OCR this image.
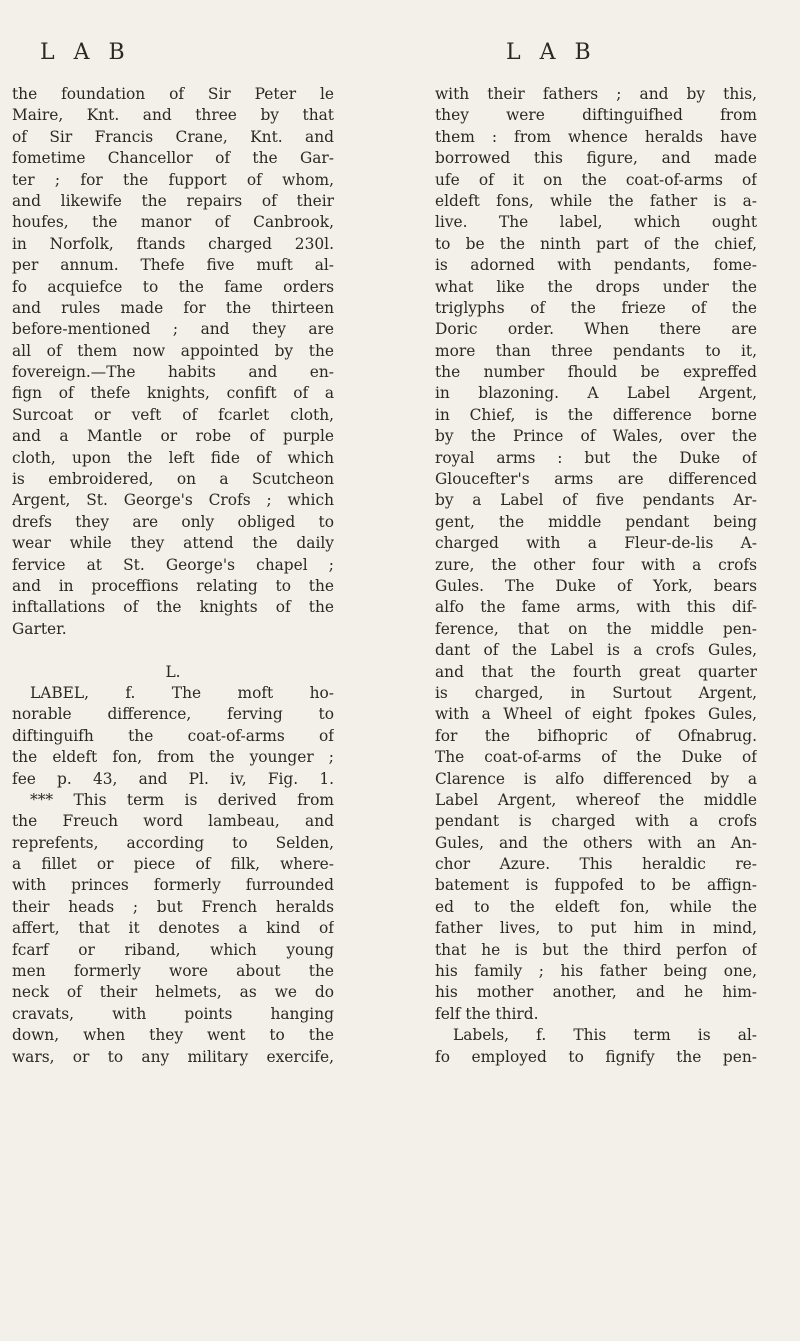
L A B	L A B
the foundation of Sir Peter le
Maire, Knt. and three by that
of Sir Francis Crane, Knt. and
fometime Chancellor of the Gar-
ter ; for the fupport of whom,
and likewife the repairs of their
houfes, the manor of Canbrook,
in Norfolk, ftands charged 230l.
per annum. Thefe five muft al-
fo acquiefce to the fame orders
and rules made for the thirteen
before-mentioned ; and they are
all of them now appointed by the
fovereign.—The habits and en-
fign of thefe knights, confift of a
Surcoat or veft of fcarlet cloth,
and a Mantle or robe of purple
cloth, upon the left fide of which
is embroidered, on a Scutcheon
Argent, St. George's Crofs ; which
drefs they are only obliged to
wear while they attend the daily
fervice at St. George's chapel ;
and in proceffions relating to the
inftallations of the knights of the
Garter.
L.
LABEL, f. The moft ho-
norable difference, ferving to
diftinguifh the coat-of-arms of
the eldeft fon, from the younger ;
fee p. 43, and Pl. iv, Fig. 1.
*** This term is derived from
the Freuch word lambeau, and
reprefents, according to Selden,
a fillet or piece of filk, where-
with princes formerly furrounded
their heads ; but French heralds
affert, that it denotes a kind of
fcarf or riband, which young
men formerly wore about the
neck of their helmets, as we do
cravats, with points hanging
down, when they went to the
wars, or to any military exercife,
with their fathers ; and by this,
they were diftinguifhed from
them : from whence heralds have
borrowed this figure, and made
ufe of it on the coat-of-arms of
eldeft fons, while the father is a-
live. The label, which ought
to be the ninth part of the chief,
is adorned with pendants, fome-
what like the drops under the
triglyphs of the frieze of the
Doric order. When there are
more than three pendants to it,
the number fhould be expreffed
in blazoning. A Label Argent,
in Chief, is the difference borne
by the Prince of Wales, over the
royal arms : but the Duke of
Gloucefter's arms are differenced
by a Label of five pendants Ar-
gent, the middle pendant being
charged with a Fleur-de-lis A-
zure, the other four with a crofs
Gules. The Duke of York, bears
alfo the fame arms, with this dif-
ference, that on the middle pen-
dant of the Label is a crofs Gules,
and that the fourth great quarter
is charged, in Surtout Argent,
with a Wheel of eight fpokes Gules,
for the bifhopric of Ofnabrug.
The coat-of-arms of the Duke of
Clarence is alfo differenced by a
Label Argent, whereof the middle
pendant is charged with a crofs
Gules, and the others with an An-
chor Azure. This heraldic re-
batement is fuppofed to be affign-
ed to the eldeft fon, while the
father lives, to put him in mind,
that he is but the third perfon of
his family ; his father being one,
his mother another, and he him-
felf the third.
Labels, f. This term is al-
fo employed to fignify the pen-
